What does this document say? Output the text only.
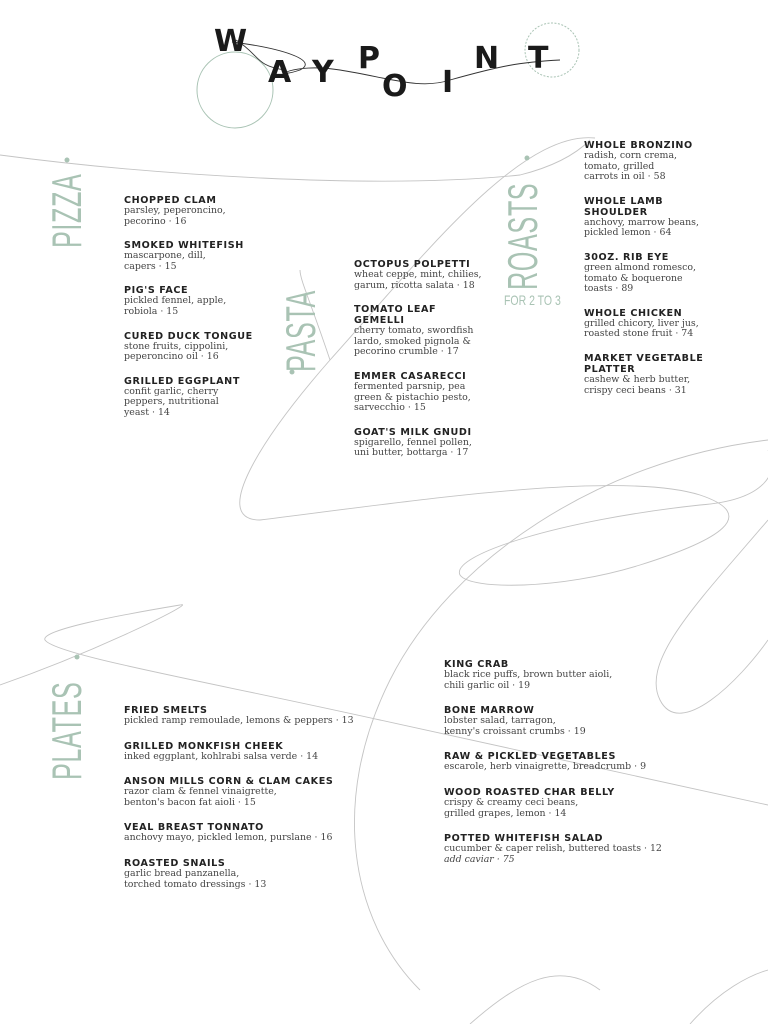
W
A Y P
O I
N T
PIZZA
PASTA
ROASTS
FOR 2 TO 3
PLATES
CHOPPED CLAM
parsley, peperoncino,
pecorino · 16
SMOKED WHITEFISH
mascarpone, dill,
capers · 15
PIG'S FACE
pickled fennel, apple,
robiola · 15
CURED DUCK TONGUE
stone fruits, cippolini,
peperoncino oil · 16
GRILLED EGGPLANT
confit garlic, cherry
peppers, nutritional
yeast · 14
OCTOPUS POLPETTI
wheat ceppe, mint, chilies,
garum, ricotta salata · 18
TOMATO LEAF
GEMELLI
cherry tomato, swordfish
lardo, smoked pignola &
pecorino crumble · 17
EMMER CASARECCI
fermented parsnip, pea
green & pistachio pesto,
sarvecchio · 15
GOAT'S MILK GNUDI
spigarello, fennel pollen,
uni butter, bottarga · 17
WHOLE BRONZINO
radish, corn crema,
tomato, grilled
carrots in oil · 58
WHOLE LAMB
SHOULDER
anchovy, marrow beans,
pickled lemon · 64
30OZ. RIB EYE
green almond romesco,
tomato & boquerone
toasts · 89
WHOLE CHICKEN
grilled chicory, liver jus,
roasted stone fruit · 74
MARKET VEGETABLE
PLATTER
cashew & herb butter,
crispy ceci beans · 31
FRIED SMELTS
pickled ramp remoulade, lemons & peppers · 13
GRILLED MONKFISH CHEEK
inked eggplant, kohlrabi salsa verde · 14
ANSON MILLS CORN & CLAM CAKES
razor clam & fennel vinaigrette,
benton's bacon fat aioli · 15
VEAL BREAST TONNATO
anchovy mayo, pickled lemon, purslane · 16
ROASTED SNAILS
garlic bread panzanella,
torched tomato dressings · 13
KING CRAB
black rice puffs, brown butter aioli,
chili garlic oil · 19
BONE MARROW
lobster salad, tarragon,
kenny's croissant crumbs · 19
RAW & PICKLED VEGETABLES
escarole, herb vinaigrette, breadcrumb · 9
WOOD ROASTED CHAR BELLY
crispy & creamy ceci beans,
grilled grapes, lemon · 14
POTTED WHITEFISH SALAD
cucumber & caper relish, buttered toasts · 12
add caviar · 75
